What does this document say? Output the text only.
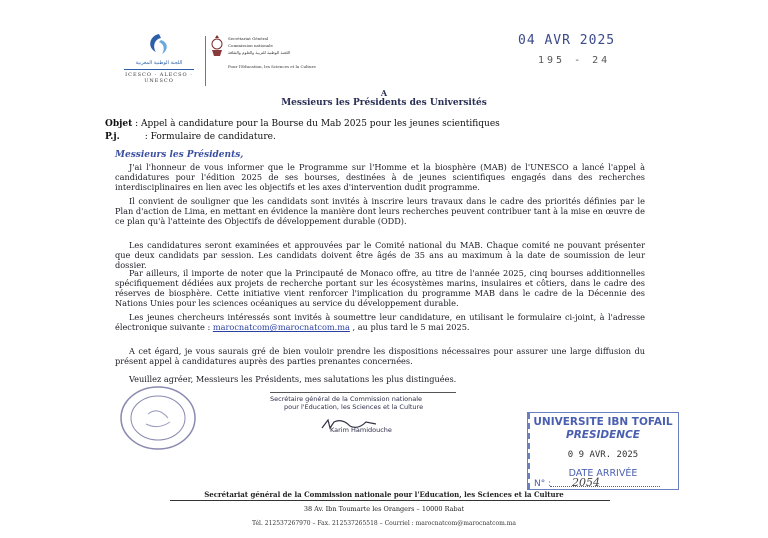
اللجنة الوطنية المغربية
ICESCO · ALECSO · UNESCO
Secrétariat Général
Commission nationale
اللجنة الوطنية للتربية والعلوم والثقافة
Pour l'Education, les Sciences et la Culture
04 AVR 2025
195 - 24
A
Messieurs les Présidents des Universités
Objet : Appel à candidature pour la Bourse du Mab 2025 pour les jeunes scientifiques
P.j.	: Formulaire de candidature.
Messieurs les Présidents,
J'ai l'honneur de vous informer que le Programme sur l'Homme et la biosphère (MAB) de l'UNESCO a lancé l'appel à candidatures pour l'édition 2025 de ses bourses, destinées à de jeunes scientifiques engagés dans des recherches interdisciplinaires en lien avec les objectifs et les axes d'intervention dudit programme.
Il convient de souligner que les candidats sont invités à inscrire leurs travaux dans le cadre des priorités définies par le Plan d'action de Lima, en mettant en évidence la manière dont leurs recherches peuvent contribuer tant à la mise en œuvre de ce plan qu'à l'atteinte des Objectifs de développement durable (ODD).
Les candidatures seront examinées et approuvées par le Comité national du MAB. Chaque comité ne pouvant présenter que deux candidats par session. Les candidats doivent être âgés de 35 ans au maximum à la date de soumission de leur dossier.
Par ailleurs, il importe de noter que la Principauté de Monaco offre, au titre de l'année 2025, cinq bourses additionnelles spécifiquement dédiées aux projets de recherche portant sur les écosystèmes marins, insulaires et côtiers, dans le cadre des réserves de biosphère. Cette initiative vient renforcer l'implication du programme MAB dans le cadre de la Décennie des Nations Unies pour les sciences océaniques au service du développement durable.
Les jeunes chercheurs intéressés sont invités à soumettre leur candidature, en utilisant le formulaire ci-joint, à l'adresse électronique suivante : marocnatcom@marocnatcom.ma , au plus tard le 5 mai 2025.
A cet égard, je vous saurais gré de bien vouloir prendre les dispositions nécessaires pour assurer une large diffusion du présent appel à candidatures auprès des parties prenantes concernées.
Veuillez agréer, Messieurs les Présidents, mes salutations les plus distinguées.
Secrétaire général de la Commission nationale
pour l'Education, les Sciences et la Culture
Karim Hamidouche
UNIVERSITE IBN TOFAIL
PRESIDENCE
0 9 AVR. 2025
DATE ARRIVÉE
N° : 2054
Secrétariat général de la Commission nationale pour l'Education, les Sciences et la Culture
38 Av. Ibn Toumarte les Orangers – 10000 Rabat
Tél. 212537267970 – Fax. 212537265518 – Courriel : marocnatcom@marocnatcom.ma
